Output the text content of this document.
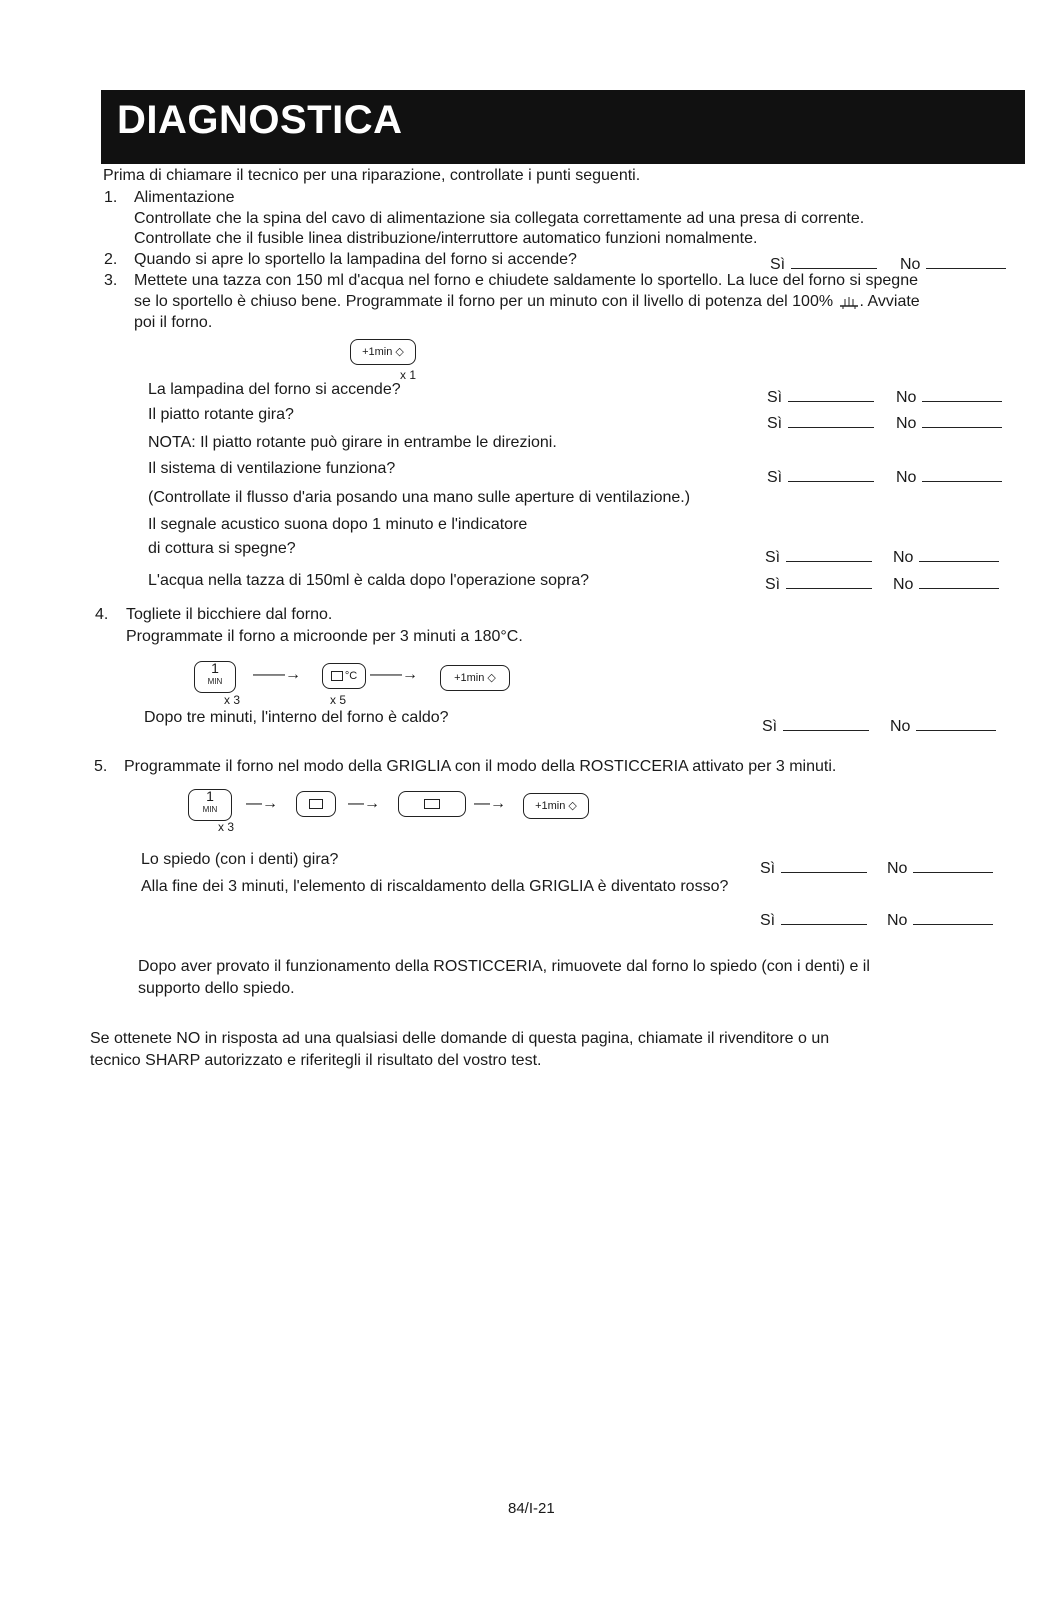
DIAGNOSTICA
Prima di chiamare il tecnico per una riparazione, controllate i punti seguenti.
1. Alimentazione
Controllate che la spina del cavo di alimentazione sia collegata correttamente ad una presa di corrente.
Controllate che il fusible linea distribuzione/interruttore automatico funzioni nomalmente.
2. Quando si apre lo sportello la lampadina del forno si accende?	Sì	No
3. Mettete una tazza con 150 ml d'acqua nel forno e chiudete saldamente lo sportello. La luce del forno si spegne
se lo sportello è chiuso bene. Programmate il forno per un minuto con il livello di potenza del 100% . Avviate
poi il forno.
+1min ◇
x 1
La lampadina del forno si accende?	Sì	No
Il piatto rotante gira?
Sì	No
NOTA: Il piatto rotante può girare in entrambe le direzioni.
Il sistema di ventilazione funziona?
Sì	No
(Controllate il flusso d'aria posando una mano sulle aperture di ventilazione.)
Il segnale acustico suona dopo 1 minuto e l'indicatore
di cottura si spegne?
Sì	No
L'acqua nella tazza di 150ml è calda dopo l'operazione sopra?	Sì	No
4. Togliete il bicchiere dal forno.
Programmate il forno a microonde per 3 minuti a 180°C.
1
MIN
x 3
——→	°C
x 5
——→	+1min ◇
Dopo tre minuti, l'interno del forno è caldo?
Sì	No
5. Programmate il forno nel modo della GRIGLIA con il modo della ROSTICCERIA attivato per 3 minuti.
1
MIN
x 3
—→	—→	—→	+1min ◇
Lo spiedo (con i denti) gira?
Sì	No
Alla fine dei 3 minuti, l'elemento di riscaldamento della GRIGLIA è diventato rosso?
Sì	No
Dopo aver provato il funzionamento della ROSTICCERIA, rimuovete dal forno lo spiedo (con i denti) e il
supporto dello spiedo.
Se ottenete NO in risposta ad una qualsiasi delle domande di questa pagina, chiamate il rivenditore o un
tecnico SHARP autorizzato e riferitegli il risultato del vostro test.
84/I-21
